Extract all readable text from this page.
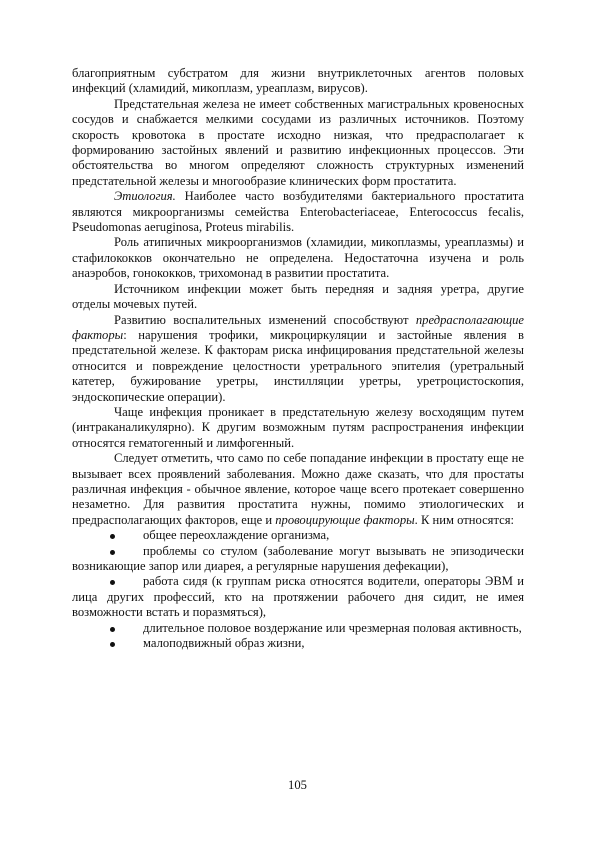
благоприятным субстратом для жизни внутриклеточных агентов половых инфекций (хламидий, микоплазм, уреаплазм, вирусов).

Предстательная железа не имеет собственных магистральных кровеносных сосудов и снабжается мелкими сосудами из различных источников. Поэтому скорость кровотока в простате исходно низкая, что предрасполагает к формированию застойных явлений и развитию инфекционных процессов. Эти обстоятельства во многом определяют сложность структурных изменений предстательной железы и многообразие клинических форм простатита.

Этиология. Наиболее часто возбудителями бактериального простатита являются микроорганизмы семейства Enterobacteriaceae, Enterococcus fecalis, Pseudomonas aeruginosa, Proteus mirabilis.

Роль атипичных микроорганизмов (хламидии, микоплазмы, уреаплазмы) и стафилококков окончательно не определена. Недостаточна изучена и роль анаэробов, гонококков, трихомонад в развитии простатита.

Источником инфекции может быть передняя и задняя уретра, другие отделы мочевых путей.

Развитию воспалительных изменений способствуют предрасполагающие факторы: нарушения трофики, микроциркуляции и застойные явления в предстательной железе. К факторам риска инфицирования предстательной железы относится и повреждение целостности уретрального эпителия (уретральный катетер, бужирование уретры, инстилляции уретры, уретроцистоскопия, эндоскопические операции).

Чаще инфекция проникает в предстательную железу восходящим путем (интраканаликулярно). К другим возможным путям распространения инфекции относятся гематогенный и лимфогенный.

Следует отметить, что само по себе попадание инфекции в простату еще не вызывает всех проявлений заболевания. Можно даже сказать, что для простаты различная инфекция - обычное явление, которое чаще всего протекает совершенно незаметно. Для развития простатита нужны, помимо этиологических и предрасполагающих факторов, еще и провоцирующие факторы. К ним относятся:

общее переохлаждение организма,
проблемы со стулом (заболевание могут вызывать не эпизодически возникающие запор или диарея, а регулярные нарушения дефекации),
работа сидя (к группам риска относятся водители, операторы ЭВМ и лица других профессий, кто на протяжении рабочего дня сидит, не имея возможности встать и поразмяться),
длительное половое воздержание или чрезмерная половая активность,
малоподвижный образ жизни,
105
